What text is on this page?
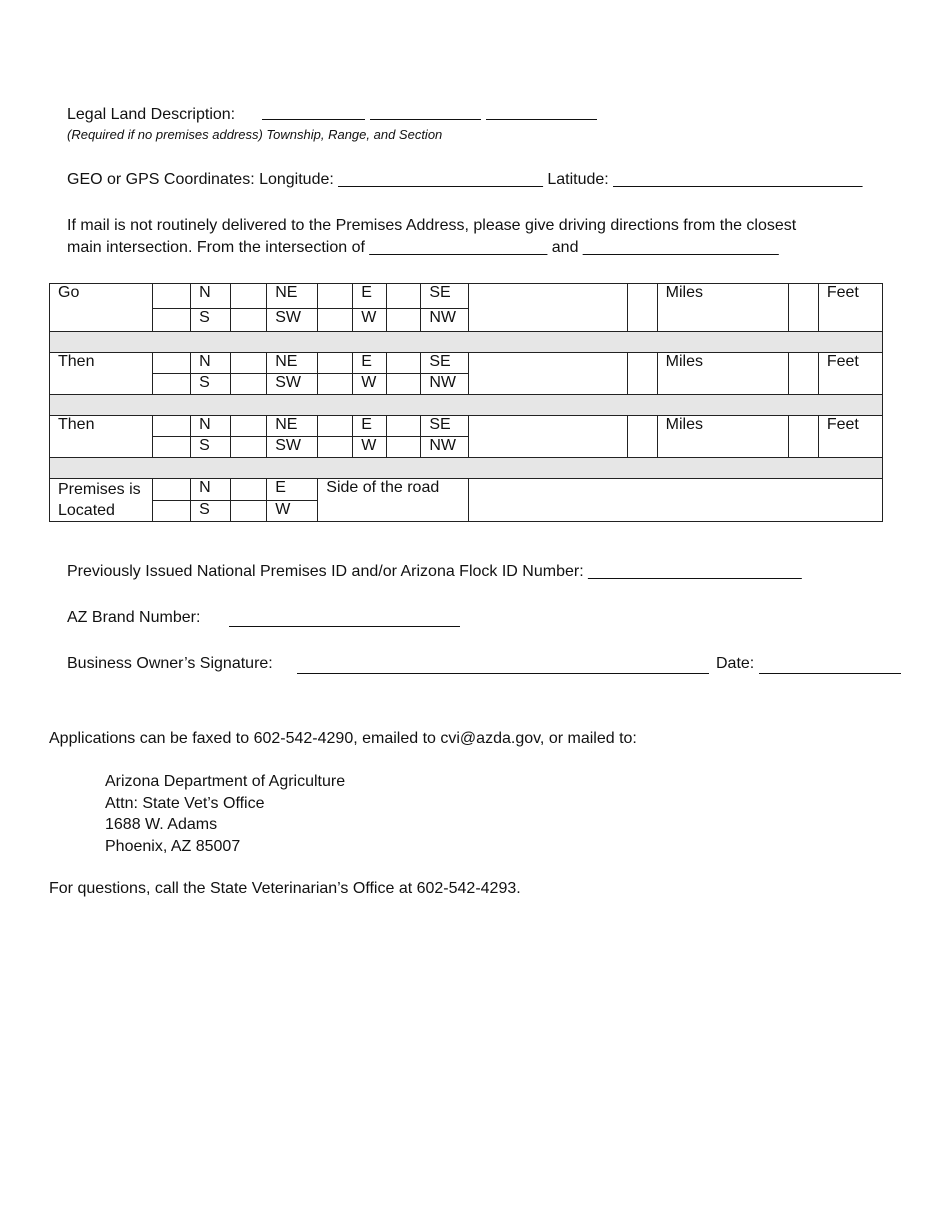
Legal Land Description:
(Required if no premises address) Township, Range, and Section
GEO or GPS Coordinates: Longitude: _______________________ Latitude: ____________________________
If mail is not routinely delivered to the Premises Address, please give driving directions from the closest
main intersection. From the intersection of ____________________ and ______________________
Go		N		NE		E		SE			Miles		Feet
		S		SW		W		NW					

Then		N		NE		E		SE			Miles		Feet
		S		SW		W		NW					

Then		N		NE		E		SE			Miles		Feet
		S		SW		W		NW					

Premises is Located		N		E	Side of the road								
		S		W									
Previously Issued National Premises ID and/or Arizona Flock ID Number: ________________________
AZ Brand Number:
Business Owner’s Signature:	Date:
Applications can be faxed to 602-542-4290, emailed to cvi@azda.gov, or mailed to:
Arizona Department of Agriculture
Attn: State Vet’s Office
1688 W. Adams
Phoenix, AZ 85007
For questions, call the State Veterinarian’s Office at 602-542-4293.
